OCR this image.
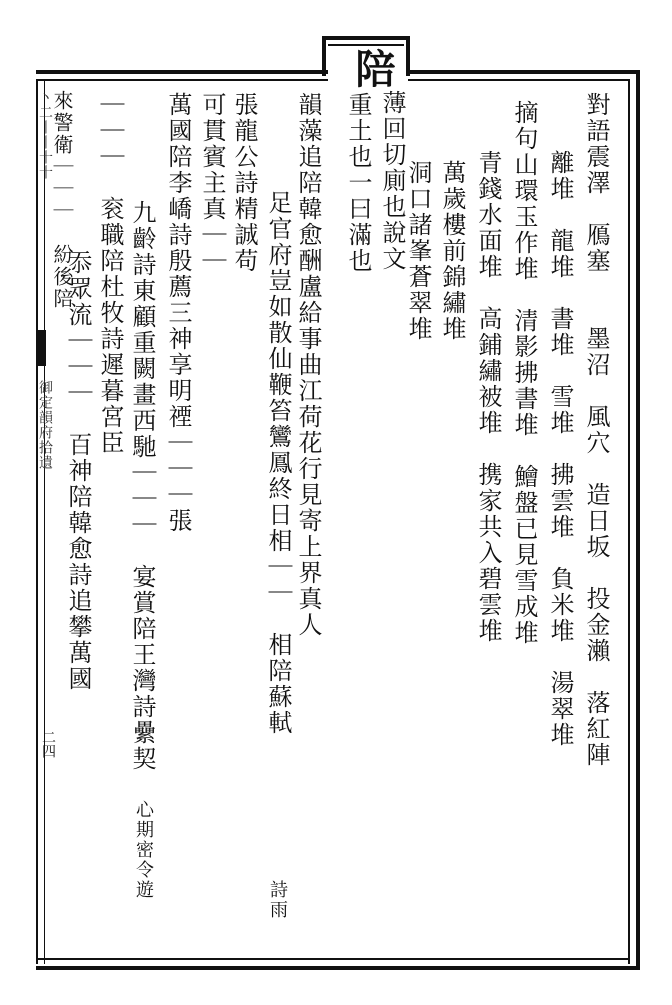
丶⼆⼁⼁⼗⼗
御定韻府拾遺
二四
陪
薄回切廁也說文
重土也一曰滿也	對語震澤　鴈塞　　墨沼　風穴　造日坂　投金瀨　落紅陣
離堆　龍堆　書堆　雪堆　拂雲堆　負米堆　湯翠堆
摘句山環玉作堆　清影拂書堆　鱠盤已見雪成堆
青錢水面堆　高鋪繡被堆　携家共入碧雲堆
萬歲樓前錦繡堆
洞口諸峯蒼翠堆
韻藻追陪韓愈酬盧給事曲江荷花行見寄上界真人
足官府豈如散仙鞭笞鸞鳳終日相｜｜　相陪蘇軾
詩雨
張龍公詩精誠苟
可貫賓主真｜｜
萬國陪李嶠詩殷薦三神享明禋｜｜｜張
九齡詩東顧重闕畫西馳｜｜｜　宴賞陪王灣詩纍契
心期密令遊
｜｜｜　衮職陪杜牧詩遲暮宮臣
忝眾流｜｜｜　百神陪韓愈詩追攀萬國
來警衛｜｜｜　紛後陪
